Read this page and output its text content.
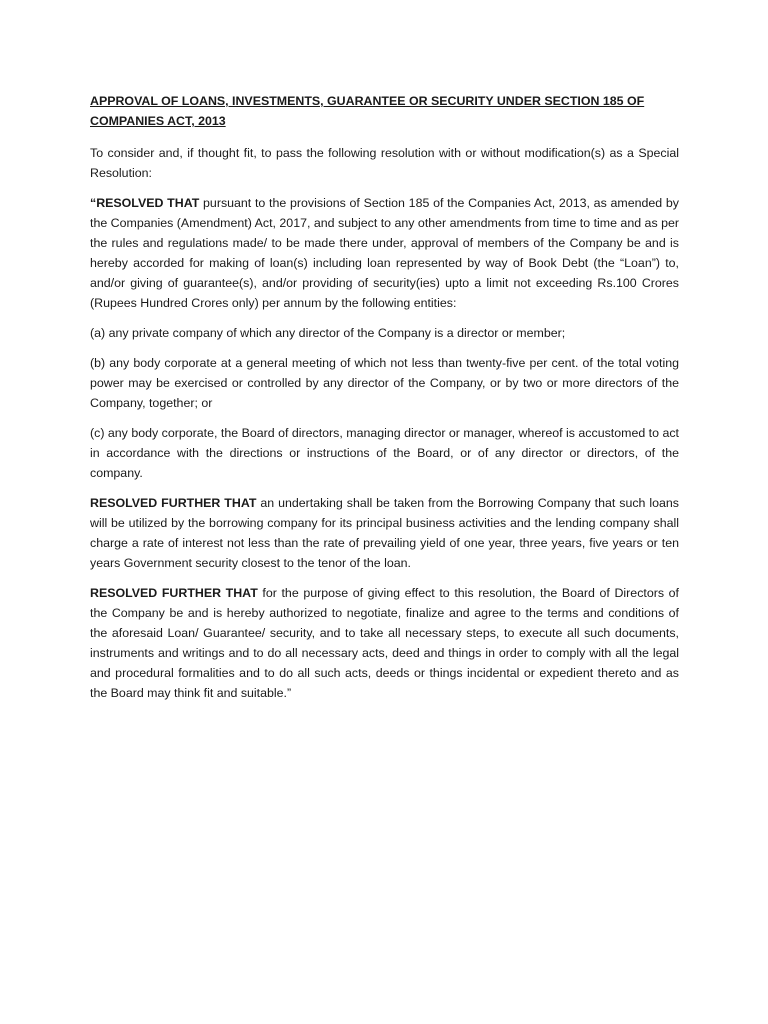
APPROVAL OF LOANS, INVESTMENTS, GUARANTEE OR SECURITY UNDER SECTION 185 OF COMPANIES ACT, 2013

To consider and, if thought fit, to pass the following resolution with or without modification(s) as a Special Resolution:

“RESOLVED THAT pursuant to the provisions of Section 185 of the Companies Act, 2013, as amended by the Companies (Amendment) Act, 2017, and subject to any other amendments from time to time and as per the rules and regulations made/ to be made there under, approval of members of the Company be and is hereby accorded for making of loan(s) including loan represented by way of Book Debt (the “Loan”) to, and/or giving of guarantee(s), and/or providing of security(ies) upto a limit not exceeding Rs.100 Crores (Rupees Hundred Crores only) per annum by the following entities:

(a) any private company of which any director of the Company is a director or member;

(b) any body corporate at a general meeting of which not less than twenty-five per cent. of the total voting power may be exercised or controlled by any director of the Company, or by two or more directors of the Company, together; or

(c) any body corporate, the Board of directors, managing director or manager, whereof is accustomed to act in accordance with the directions or instructions of the Board, or of any director or directors, of the company.

RESOLVED FURTHER THAT an undertaking shall be taken from the Borrowing Company that such loans will be utilized by the borrowing company for its principal business activities and the lending company shall charge a rate of interest not less than the rate of prevailing yield of one year, three years, five years or ten years Government security closest to the tenor of the loan.

RESOLVED FURTHER THAT for the purpose of giving effect to this resolution, the Board of Directors of the Company be and is hereby authorized to negotiate, finalize and agree to the terms and conditions of the aforesaid Loan/ Guarantee/ security, and to take all necessary steps, to execute all such documents, instruments and writings and to do all necessary acts, deed and things in order to comply with all the legal and procedural formalities and to do all such acts, deeds or things incidental or expedient thereto and as the Board may think fit and suitable.”
